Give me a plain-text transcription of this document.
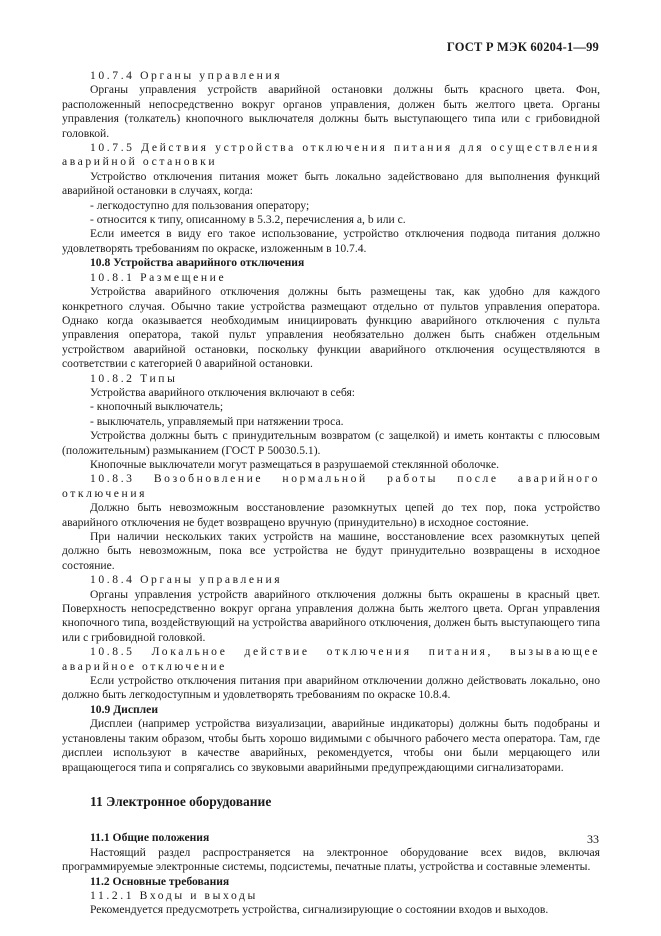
ГОСТ Р МЭК 60204-1—99

10.7.4 Органы управления

Органы управления устройств аварийной остановки должны быть красного цвета. Фон, расположенный непосредственно вокруг органов управления, должен быть желтого цвета. Органы управления (толкатель) кнопочного выключателя должны быть выступающего типа или с грибовидной головкой.

10.7.5 Действия устройства отключения питания для осуществления аварийной остановки

Устройство отключения питания может быть локально задействовано для выполнения функций аварийной остановки в случаях, когда:

- легкодоступно для пользования оператору;

- относится к типу, описанному в 5.3.2, перечисления a, b или c.

Если имеется в виду его такое использование, устройство отключения подвода питания должно удовлетворять требованиям по окраске, изложенным в 10.7.4.

10.8 Устройства аварийного отключения

10.8.1 Размещение

Устройства аварийного отключения должны быть размещены так, как удобно для каждого конкретного случая. Обычно такие устройства размещают отдельно от пультов управления оператора. Однако когда оказывается необходимым инициировать функцию аварийного отключения с пульта управления оператора, такой пульт управления необязательно должен быть снабжен отдельным устройством аварийной остановки, поскольку функции аварийного отключения осуществляются в соответствии с категорией 0 аварийной остановки.

10.8.2 Типы

Устройства аварийного отключения включают в себя:

- кнопочный выключатель;

- выключатель, управляемый при натяжении троса.

Устройства должны быть с принудительным возвратом (с защелкой) и иметь контакты с плюсовым (положительным) размыканием (ГОСТ Р 50030.5.1).

Кнопочные выключатели могут размещаться в разрушаемой стеклянной оболочке.

10.8.3 Возобновление нормальной работы после аварийного отключения

Должно быть невозможным восстановление разомкнутых цепей до тех пор, пока устройство аварийного отключения не будет возвращено вручную (принудительно) в исходное состояние.

При наличии нескольких таких устройств на машине, восстановление всех разомкнутых цепей должно быть невозможным, пока все устройства не будут принудительно возвращены в исходное состояние.

10.8.4 Органы управления

Органы управления устройств аварийного отключения должны быть окрашены в красный цвет. Поверхность непосредственно вокруг органа управления должна быть желтого цвета. Орган управления кнопочного типа, воздействующий на устройства аварийного отключения, должен быть выступающего типа или с грибовидной головкой.

10.8.5 Локальное действие отключения питания, вызывающее аварийное отключение

Если устройство отключения питания при аварийном отключении должно действовать локально, оно должно быть легкодоступным и удовлетворять требованиям по окраске 10.8.4.

10.9 Дисплеи

Дисплеи (например устройства визуализации, аварийные индикаторы) должны быть подобраны и установлены таким образом, чтобы быть хорошо видимыми с обычного рабочего места оператора. Там, где дисплеи используют в качестве аварийных, рекомендуется, чтобы они были мерцающего или вращающегося типа и сопрягались со звуковыми аварийными предупреждающими сигнализаторами.

11 Электронное оборудование

11.1 Общие положения

Настоящий раздел распространяется на электронное оборудование всех видов, включая программируемые электронные системы, подсистемы, печатные платы, устройства и составные элементы.

11.2 Основные требования

11.2.1 Входы и выходы

Рекомендуется предусмотреть устройства, сигнализирующие о состоянии входов и выходов.

33
